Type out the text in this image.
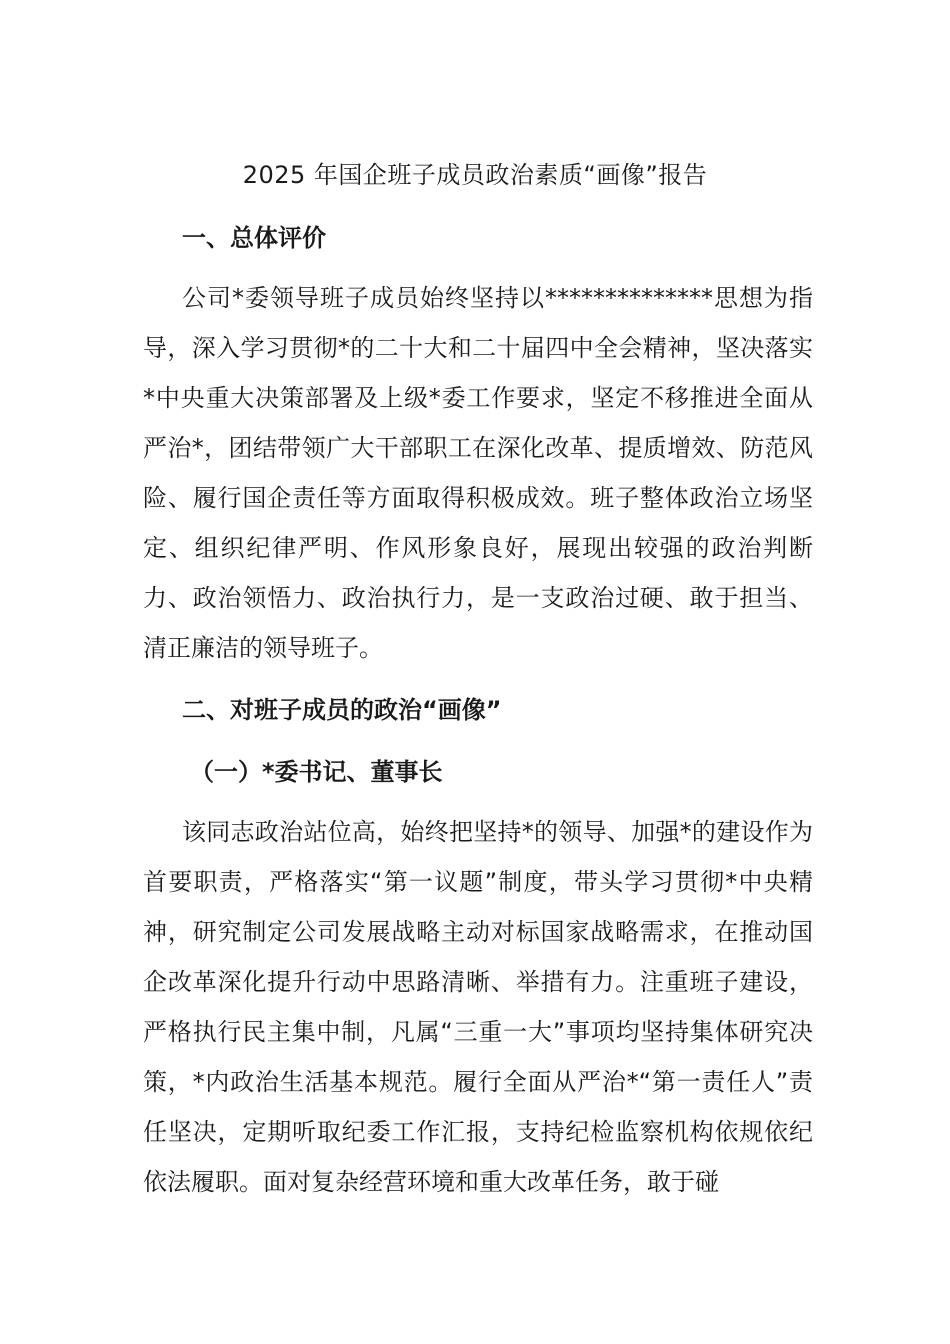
2025 年国企班子成员政治素质“画像”报告
一、总体评价

公司*委领导班子成员始终坚持以**************思想为指导，深入学习贯彻*的二十大和二十届四中全会精神，坚决落实*中央重大决策部署及上级*委工作要求，坚定不移推进全面从严治*，团结带领广大干部职工在深化改革、提质增效、防范风险、履行国企责任等方面取得积极成效。班子整体政治立场坚定、组织纪律严明、作风形象良好，展现出较强的政治判断力、政治领悟力、政治执行力，是一支政治过硬、敢于担当、清正廉洁的领导班子。

二、对班子成员的政治“画像”
（一）*委书记、董事长

该同志政治站位高，始终把坚持*的领导、加强*的建设作为首要职责，严格落实“第一议题”制度，带头学习贯彻*中央精神，研究制定公司发展战略主动对标国家战略需求，在推动国企改革深化提升行动中思路清晰、举措有力。注重班子建设，严格执行民主集中制，凡属“三重一大”事项均坚持集体研究决策，*内政治生活基本规范。履行全面从严治*“第一责任人”责任坚决，定期听取纪委工作汇报，支持纪检监察机构依规依纪依法履职。面对复杂经营环境和重大改革任务，敢于碰
